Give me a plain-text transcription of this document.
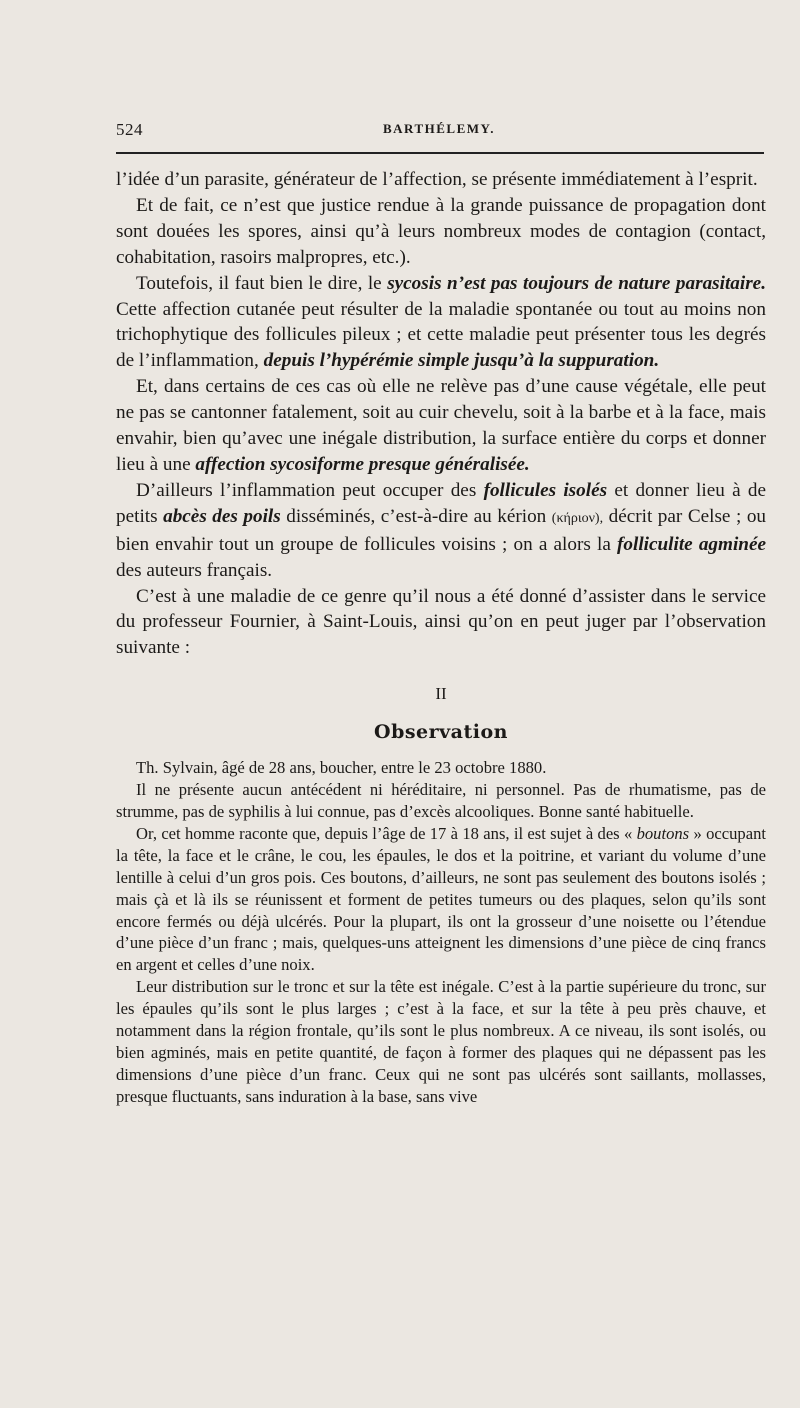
524	BARTHÉLEMY.

l’idée d’un parasite, générateur de l’affection, se présente immédiatement à l’esprit.

Et de fait, ce n’est que justice rendue à la grande puissance de propagation dont sont douées les spores, ainsi qu’à leurs nombreux modes de contagion (contact, cohabitation, rasoirs malpropres, etc.).

Toutefois, il faut bien le dire, le sycosis n’est pas toujours de nature parasitaire. Cette affection cutanée peut résulter de la maladie spontanée ou tout au moins non trichophytique des follicules pileux ; et cette maladie peut présenter tous les degrés de l’inflammation, depuis l’hypérémie simple jusqu’à la suppuration.

Et, dans certains de ces cas où elle ne relève pas d’une cause végétale, elle peut ne pas se cantonner fatalement, soit au cuir chevelu, soit à la barbe et à la face, mais envahir, bien qu’avec une inégale distribution, la surface entière du corps et donner lieu à une affection sycosiforme presque généralisée.

D’ailleurs l’inflammation peut occuper des follicules isolés et donner lieu à de petits abcès des poils disséminés, c’est-à-dire au kérion (κήριον), décrit par Celse ; ou bien envahir tout un groupe de follicules voisins ; on a alors la folliculite agminée des auteurs français.

C’est à une maladie de ce genre qu’il nous a été donné d’assister dans le service du professeur Fournier, à Saint-Louis, ainsi qu’on en peut juger par l’observation suivante :

II
Observation

Th. Sylvain, âgé de 28 ans, boucher, entre le 23 octobre 1880.

Il ne présente aucun antécédent ni héréditaire, ni personnel. Pas de rhumatisme, pas de strumme, pas de syphilis à lui connue, pas d’excès alcooliques. Bonne santé habituelle.

Or, cet homme raconte que, depuis l’âge de 17 à 18 ans, il est sujet à des « boutons » occupant la tête, la face et le crâne, le cou, les épaules, le dos et la poitrine, et variant du volume d’une lentille à celui d’un gros pois. Ces boutons, d’ailleurs, ne sont pas seulement des boutons isolés ; mais çà et là ils se réunissent et forment de petites tumeurs ou des plaques, selon qu’ils sont encore fermés ou déjà ulcérés. Pour la plupart, ils ont la grosseur d’une noisette ou l’étendue d’une pièce d’un franc ; mais, quelques-uns atteignent les dimensions d’une pièce de cinq francs en argent et celles d’une noix.

Leur distribution sur le tronc et sur la tête est inégale. C’est à la partie supérieure du tronc, sur les épaules qu’ils sont le plus larges ; c’est à la face, et sur la tête à peu près chauve, et notamment dans la région frontale, qu’ils sont le plus nombreux. A ce niveau, ils sont isolés, ou bien agminés, mais en petite quantité, de façon à former des plaques qui ne dépassent pas les dimensions d’une pièce d’un franc. Ceux qui ne sont pas ulcérés sont saillants, mollasses, presque fluctuants, sans induration à la base, sans vive
